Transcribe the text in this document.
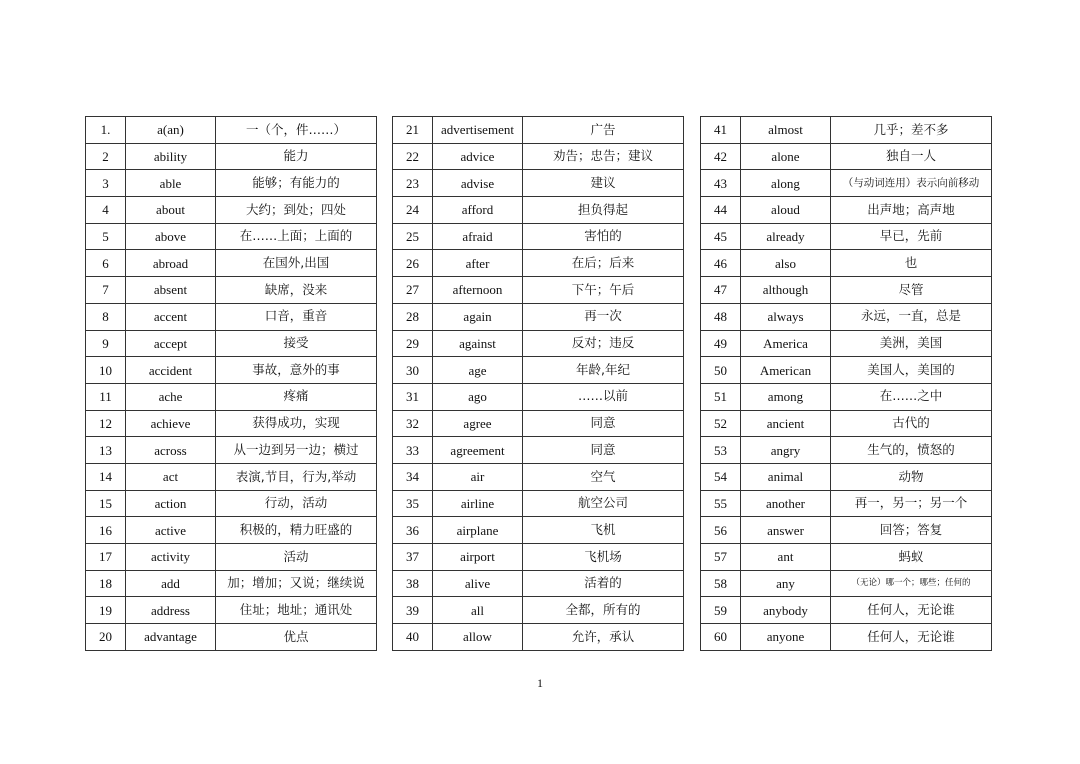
1.	a(an)	一（个，件……）
2	ability	能力
3	able	能够；有能力的
4	about	大约；到处；四处
5	above	在……上面；上面的
6	abroad	在国外,出国
7	absent	缺席，没来
8	accent	口音，重音
9	accept	接受
10	accident	事故，意外的事
11	ache	疼痛
12	achieve	获得成功，实现
13	across	从一边到另一边；横过
14	act	表演,节目，行为,举动
15	action	行动，活动
16	active	积极的，精力旺盛的
17	activity	活动
18	add	加；增加；又说；继续说
19	address	住址；地址；通讯处
20	advantage	优点
21	advertisement	广告
22	advice	劝告；忠告；建议
23	advise	建议
24	afford	担负得起
25	afraid	害怕的
26	after	在后；后来
27	afternoon	下午；午后
28	again	再一次
29	against	反对；违反
30	age	年龄,年纪
31	ago	……以前
32	agree	同意
33	agreement	同意
34	air	空气
35	airline	航空公司
36	airplane	飞机
37	airport	飞机场
38	alive	活着的
39	all	全都，所有的
40	allow	允许，承认
41	almost	几乎；差不多
42	alone	独自一人
43	along	（与动词连用）表示向前移动
44	aloud	出声地；高声地
45	already	早已，先前
46	also	也
47	although	尽管
48	always	永远，一直，总是
49	America	美洲，美国
50	American	美国人，美国的
51	among	在……之中
52	ancient	古代的
53	angry	生气的，愤怒的
54	animal	动物
55	another	再一，另一；另一个
56	answer	回答；答复
57	ant	蚂蚁
58	any	（无论）哪一个；哪些；任何的
59	anybody	任何人，无论谁
60	anyone	任何人，无论谁
1
